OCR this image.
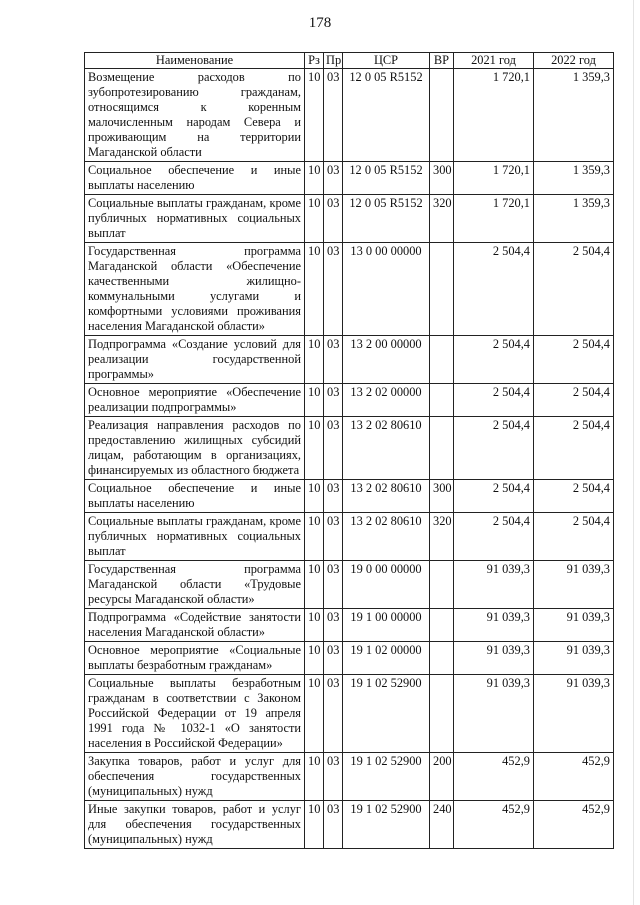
178
Наименование	Рз	Пр	ЦСР	ВР	2021 год	2022 год
Возмещение расходов по зубопротезированию гражданам, относящимся к коренным малочисленным народам Севера и проживающим на территории Магаданской области	10	03	12 0 05 R5152		1 720,1	1 359,3
Социальное обеспечение и иные выплаты населению	10	03	12 0 05 R5152	300	1 720,1	1 359,3
Социальные выплаты гражданам, кроме публичных нормативных социальных выплат	10	03	12 0 05 R5152	320	1 720,1	1 359,3
Государственная программа Магаданской области «Обеспечение качественными жилищно-коммунальными услугами и комфортными условиями проживания населения Магаданской области»	10	03	13 0 00 00000		2 504,4	2 504,4
Подпрограмма «Создание условий для реализации государственной программы»	10	03	13 2 00 00000		2 504,4	2 504,4
Основное мероприятие «Обеспечение реализации подпрограммы»	10	03	13 2 02 00000		2 504,4	2 504,4
Реализация направления расходов по предоставлению жилищных субсидий лицам, работающим в организациях, финансируемых из областного бюджета	10	03	13 2 02 80610		2 504,4	2 504,4
Социальное обеспечение и иные выплаты населению	10	03	13 2 02 80610	300	2 504,4	2 504,4
Социальные выплаты гражданам, кроме публичных нормативных социальных выплат	10	03	13 2 02 80610	320	2 504,4	2 504,4
Государственная программа Магаданской области «Трудовые ресурсы Магаданской области»	10	03	19 0 00 00000		91 039,3	91 039,3
Подпрограмма «Содействие занятости населения Магаданской области»	10	03	19 1 00 00000		91 039,3	91 039,3
Основное мероприятие «Социальные выплаты безработным гражданам»	10	03	19 1 02 00000		91 039,3	91 039,3
Социальные выплаты безработным гражданам в соответствии с Законом Российской Федерации от 19 апреля 1991 года № 1032-1 «О занятости населения в Российской Федерации»	10	03	19 1 02 52900		91 039,3	91 039,3
Закупка товаров, работ и услуг для обеспечения государственных (муниципальных) нужд	10	03	19 1 02 52900	200	452,9	452,9
Иные закупки товаров, работ и услуг для обеспечения государственных (муниципальных) нужд	10	03	19 1 02 52900	240	452,9	452,9
